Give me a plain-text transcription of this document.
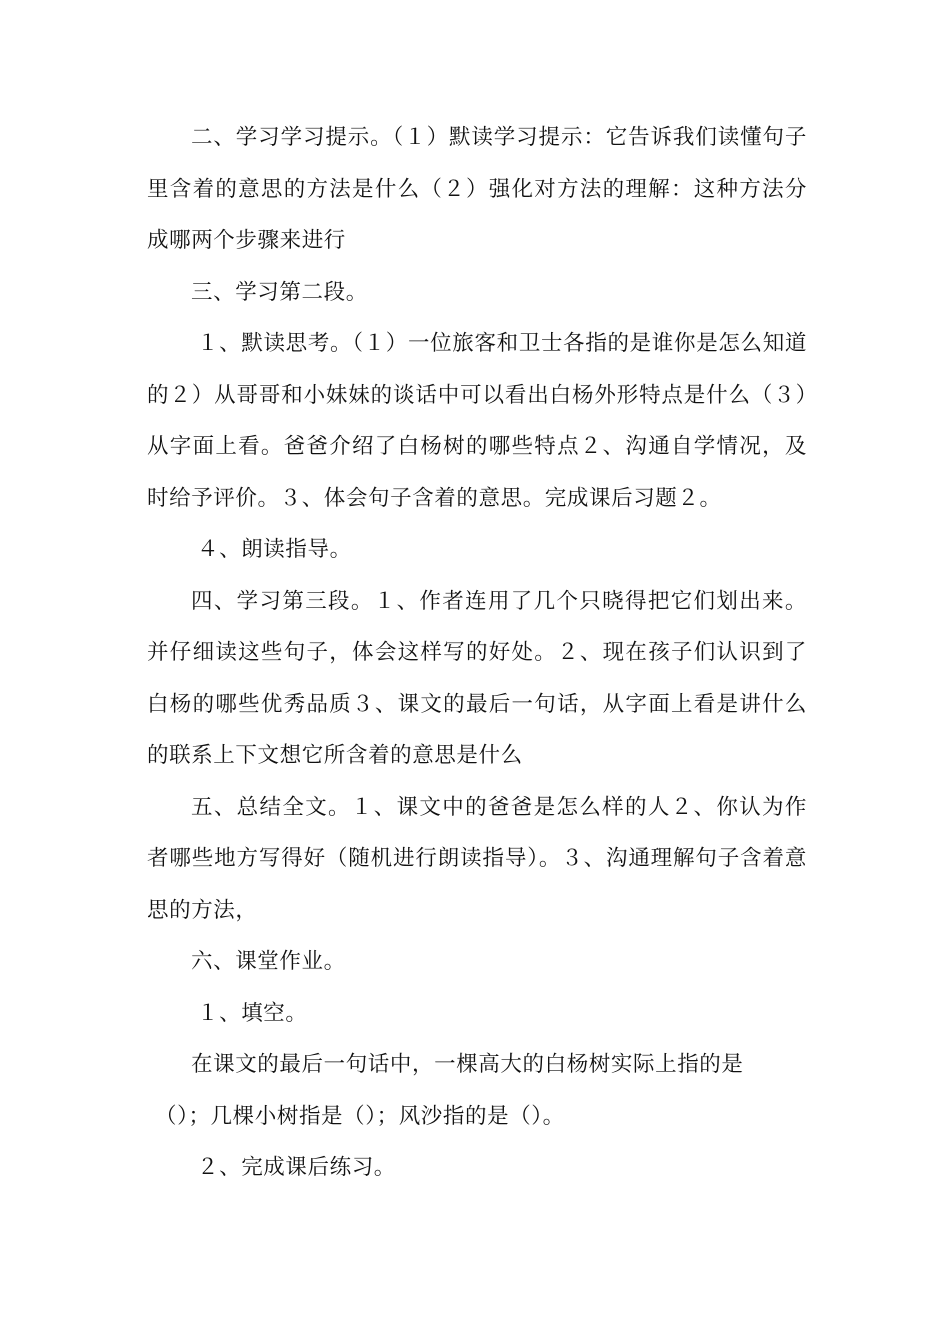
二、学习学习提示。（１）默读学习提示：它告诉我们读懂句子里含着的意思的方法是什么（２）强化对方法的理解：这种方法分成哪两个步骤来进行

三、学习第二段。

１、默读思考。（１）一位旅客和卫士各指的是谁你是怎么知道的２）从哥哥和小妹妹的谈话中可以看出白杨外形特点是什么（３）从字面上看。爸爸介绍了白杨树的哪些特点２、沟通自学情况，及时给予评价。３、体会句子含着的意思。完成课后习题２。

４、朗读指导。

四、学习第三段。１、作者连用了几个只晓得把它们划出来。并仔细读这些句子，体会这样写的好处。２、现在孩子们认识到了白杨的哪些优秀品质３、课文的最后一句话，从字面上看是讲什么的联系上下文想它所含着的意思是什么

五、总结全文。１、课文中的爸爸是怎么样的人２、你认为作者哪些地方写得好（随机进行朗读指导）。３、沟通理解句子含着意思的方法，

六、课堂作业。

１、填空。

在课文的最后一句话中，一棵高大的白杨树实际上指的是

（）；几棵小树指是（）；风沙指的是（）。

２、完成课后练习。
